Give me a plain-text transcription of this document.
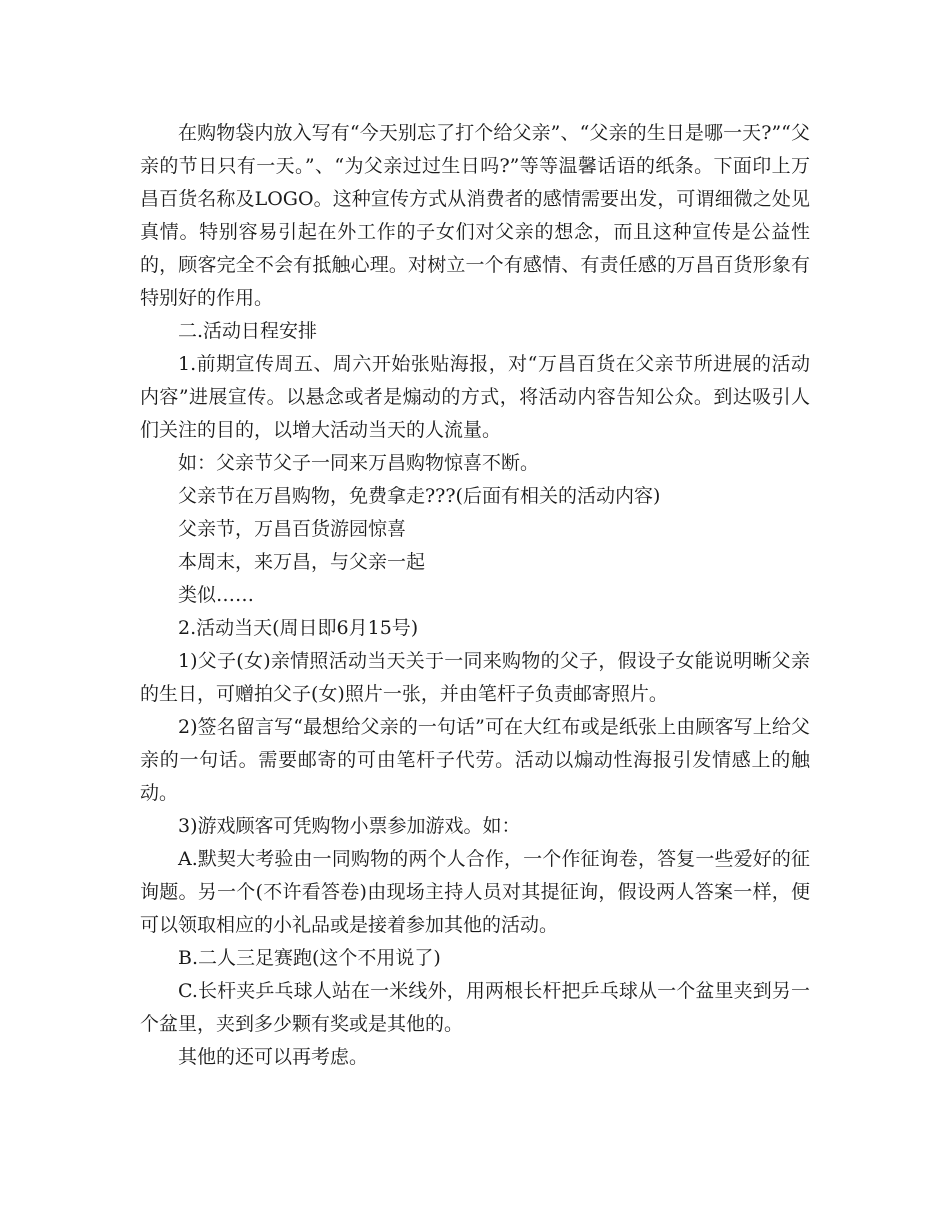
在购物袋内放入写有“今天别忘了打个给父亲”、“父亲的生日是哪一天?”“父亲的节日只有一天。”、“为父亲过过生日吗?”等等温馨话语的纸条。下面印上万昌百货名称及LOGO。这种宣传方式从消费者的感情需要出发，可谓细微之处见真情。特别容易引起在外工作的子女们对父亲的想念，而且这种宣传是公益性的，顾客完全不会有抵触心理。对树立一个有感情、有责任感的万昌百货形象有特别好的作用。

二.活动日程安排

1.前期宣传周五、周六开始张贴海报，对“万昌百货在父亲节所进展的活动内容”进展宣传。以悬念或者是煽动的方式，将活动内容告知公众。到达吸引人们关注的目的，以增大活动当天的人流量。

如：父亲节父子一同来万昌购物惊喜不断。

父亲节在万昌购物，免费拿走???(后面有相关的活动内容)

父亲节，万昌百货游园惊喜

本周末，来万昌，与父亲一起

类似……

2.活动当天(周日即6月15号)

1)父子(女)亲情照活动当天关于一同来购物的父子，假设子女能说明晰父亲的生日，可赠拍父子(女)照片一张，并由笔杆子负责邮寄照片。

2)签名留言写“最想给父亲的一句话”可在大红布或是纸张上由顾客写上给父亲的一句话。需要邮寄的可由笔杆子代劳。活动以煽动性海报引发情感上的触动。

3)游戏顾客可凭购物小票参加游戏。如：

A.默契大考验由一同购物的两个人合作，一个作征询卷，答复一些爱好的征询题。另一个(不许看答卷)由现场主持人员对其提征询，假设两人答案一样，便可以领取相应的小礼品或是接着参加其他的活动。

B.二人三足赛跑(这个不用说了)

C.长杆夹乒乓球人站在一米线外，用两根长杆把乒乓球从一个盆里夹到另一个盆里，夹到多少颗有奖或是其他的。

其他的还可以再考虑。
